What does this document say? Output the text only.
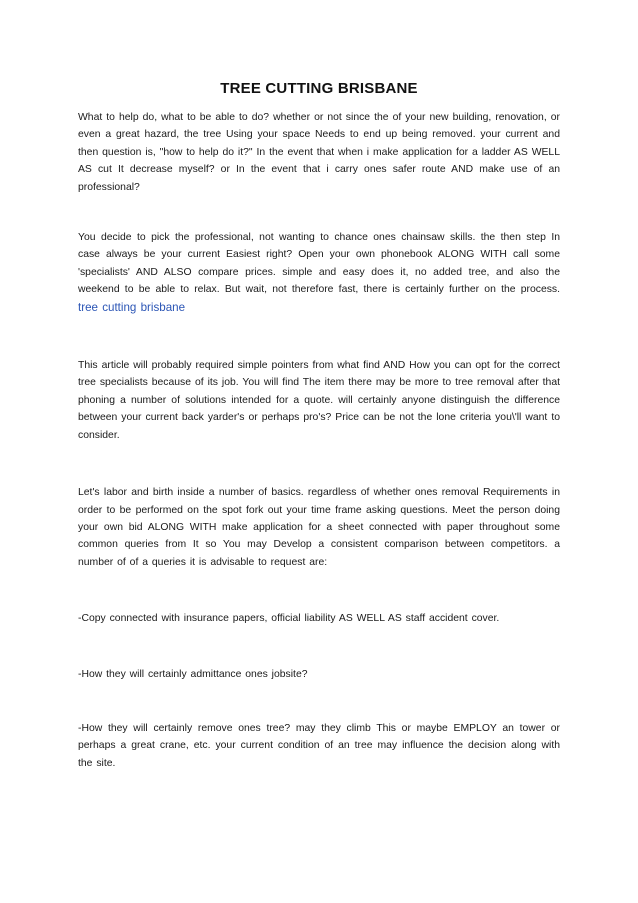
TREE CUTTING BRISBANE

What to help do, what to be able to do? whether or not since the of your new building, renovation, or even a great hazard, the tree Using your space Needs to end up being removed. your current and then question is, "how to help do it?" In the event that when i make application for a ladder AS WELL AS cut It decrease myself? or In the event that i carry ones safer route AND make use of an professional?

You decide to pick the professional, not wanting to chance ones chainsaw skills. the then step In case always be your current Easiest right? Open your own phonebook ALONG WITH call some 'specialists' AND ALSO compare prices. simple and easy does it, no added tree, and also the weekend to be able to relax. But wait, not therefore fast, there is certainly further on the process. tree cutting brisbane

This article will probably required simple pointers from what find AND How you can opt for the correct tree specialists because of its job. You will find The item there may be more to tree removal after that phoning a number of solutions intended for a quote. will certainly anyone distinguish the difference between your current back yarder's or perhaps pro's? Price can be not the lone criteria you\'ll want to consider.

Let's labor and birth inside a number of basics. regardless of whether ones removal Requirements in order to be performed on the spot fork out your time frame asking questions. Meet the person doing your own bid ALONG WITH make application for a sheet connected with paper throughout some common queries from It so You may Develop a consistent comparison between competitors. a number of of a queries it is advisable to request are:

-Copy connected with insurance papers, official liability AS WELL AS staff accident cover.

-How they will certainly admittance ones jobsite?

-How they will certainly remove ones tree? may they climb This or maybe EMPLOY an tower or perhaps a great crane, etc. your current condition of an tree may influence the decision along with the site.
